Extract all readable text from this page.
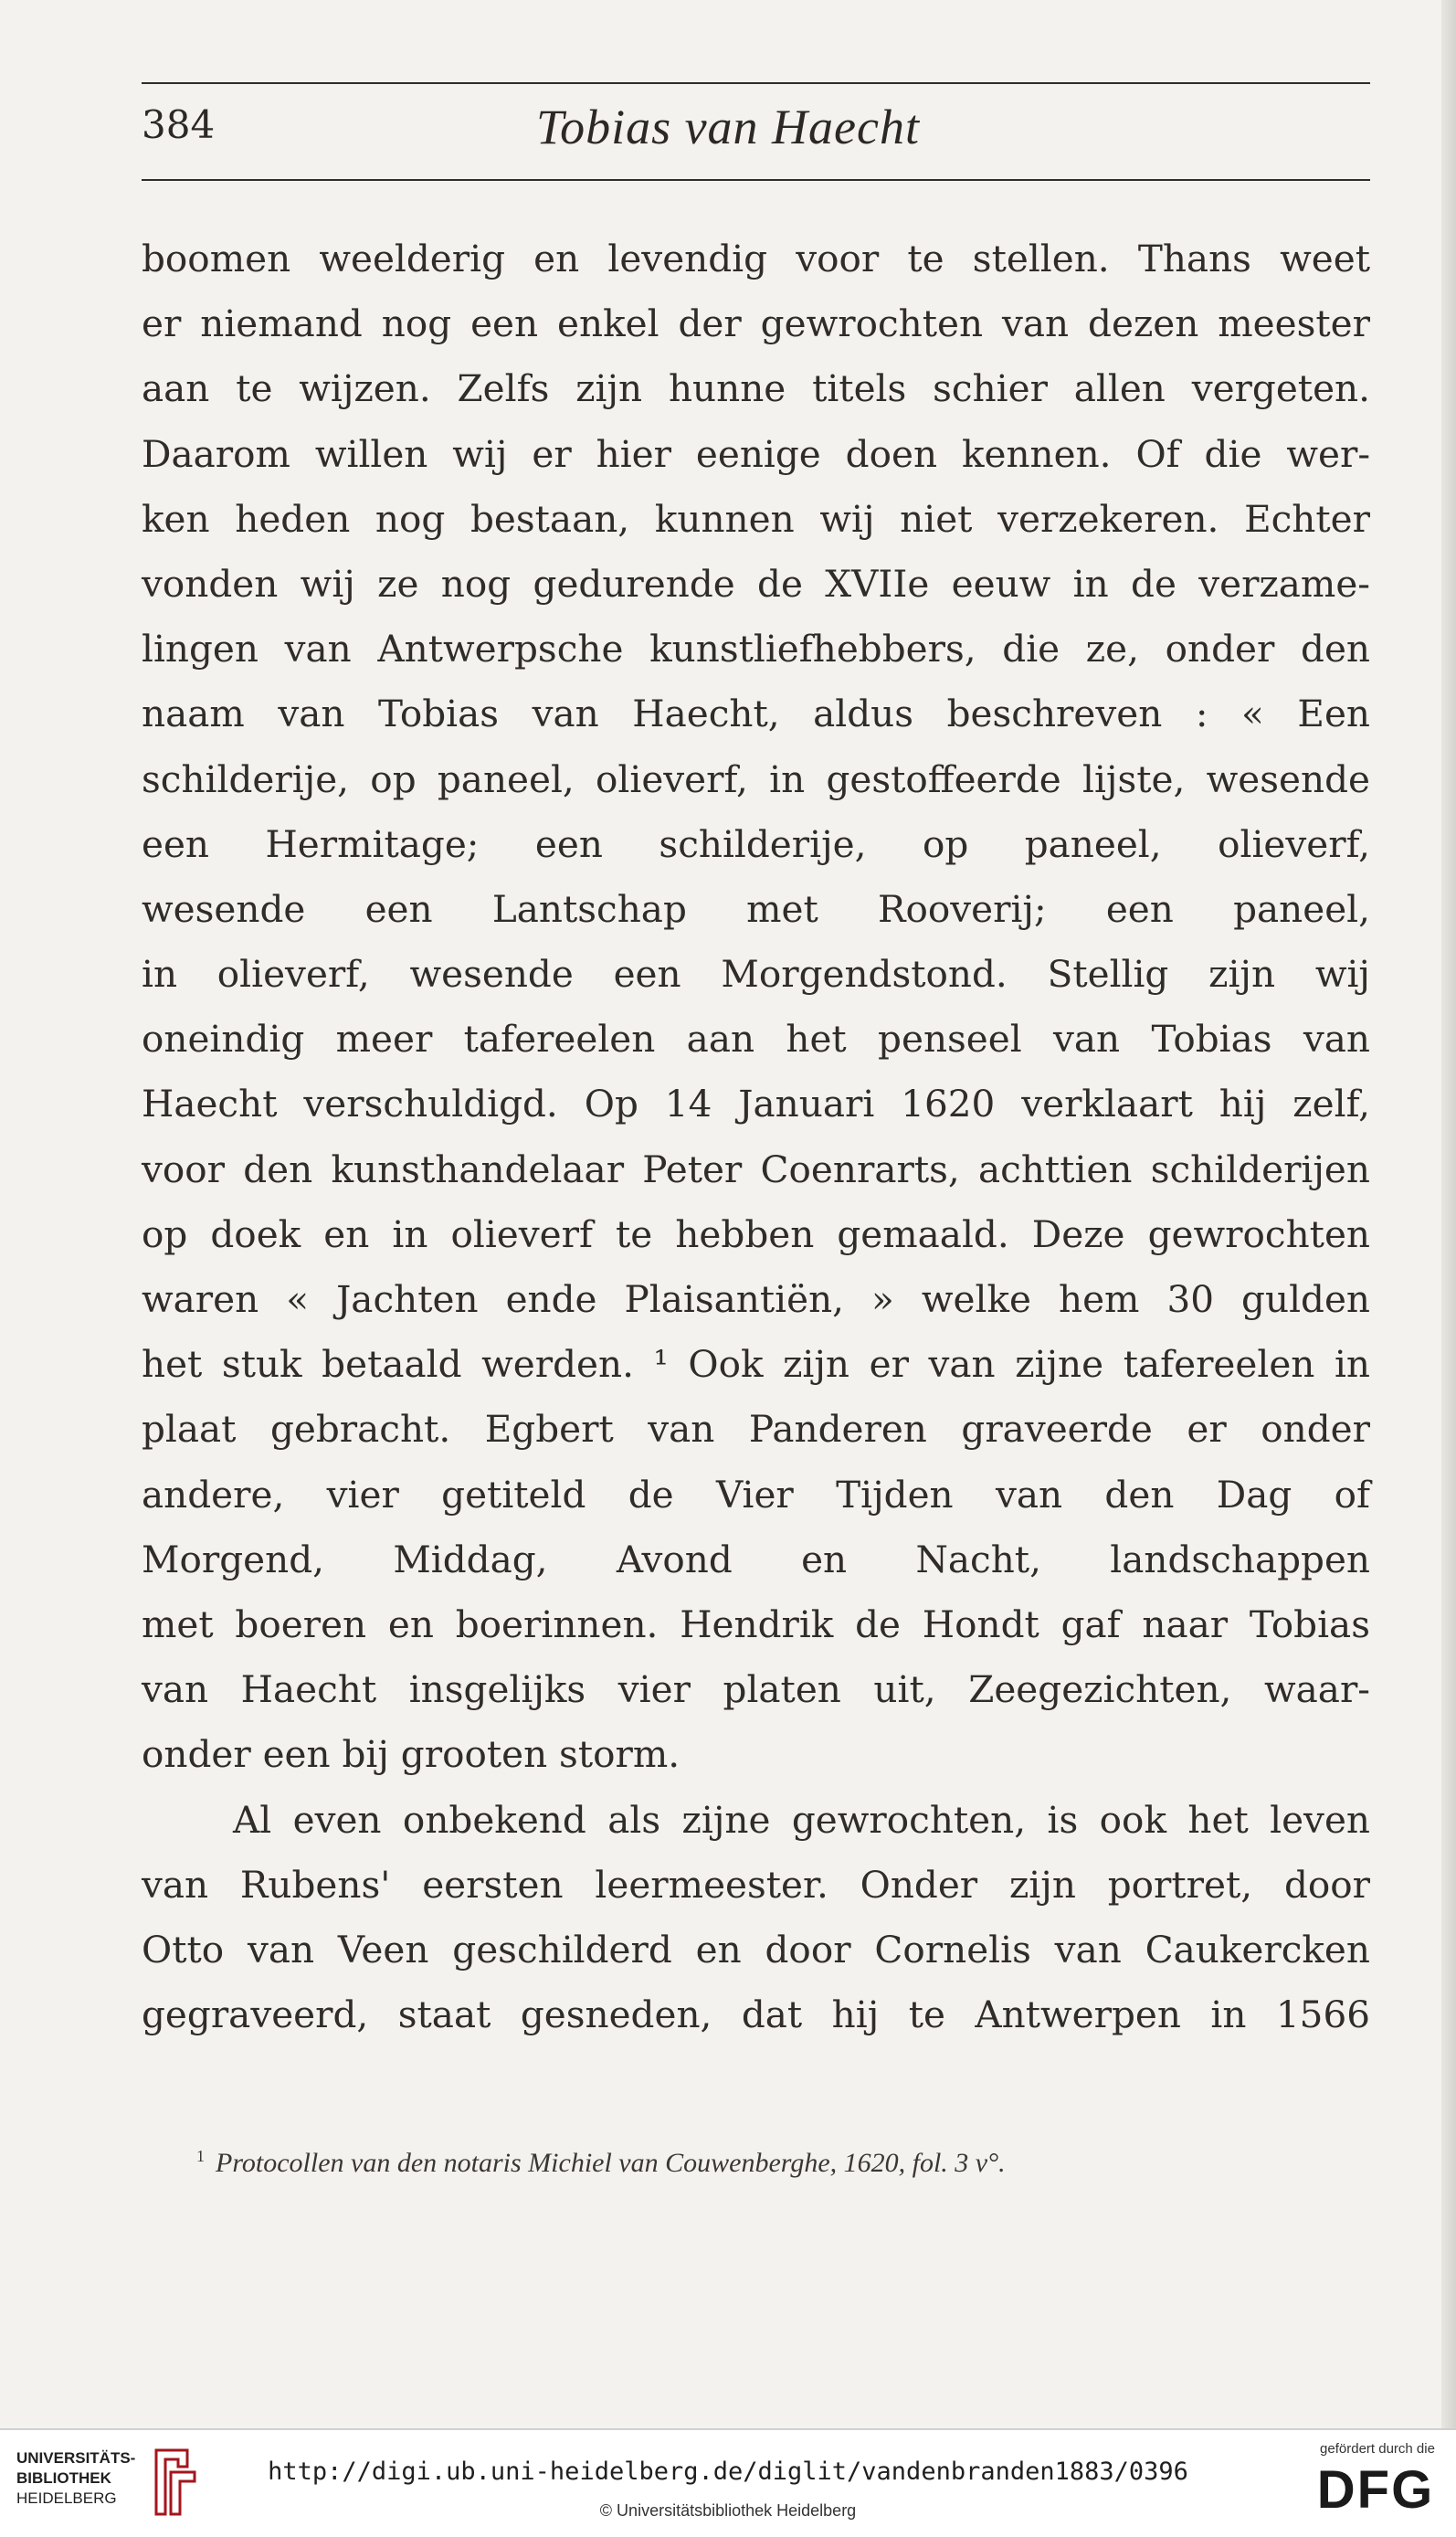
384	Tobias van Haecht
boomen weelderig en levendig voor te stellen. Thans weet
er niemand nog een enkel der gewrochten van dezen meester
aan te wijzen. Zelfs zijn hunne titels schier allen vergeten.
Daarom willen wij er hier eenige doen kennen. Of die wer-
ken heden nog bestaan, kunnen wij niet verzekeren. Echter
vonden wij ze nog gedurende de XVIIe eeuw in de verzame-
lingen van Antwerpsche kunstliefhebbers, die ze, onder den
naam van Tobias van Haecht, aldus beschreven : « Een
schilderije, op paneel, olieverf, in gestoffeerde lijste, wesende
een Hermitage; een schilderije, op paneel, olieverf,
wesende een Lantschap met Rooverij; een paneel,
in olieverf, wesende een Morgendstond. Stellig zijn wij
oneindig meer tafereelen aan het penseel van Tobias van
Haecht verschuldigd. Op 14 Januari 1620 verklaart hij zelf,
voor den kunsthandelaar Peter Coenrarts, achttien schilderijen
op doek en in olieverf te hebben gemaald. Deze gewrochten
waren « Jachten ende Plaisantiën, » welke hem 30 gulden
het stuk betaald werden. ¹ Ook zijn er van zijne tafereelen in
plaat gebracht. Egbert van Panderen graveerde er onder
andere, vier getiteld de Vier Tijden van den Dag of
Morgend, Middag, Avond en Nacht, landschappen
met boeren en boerinnen. Hendrik de Hondt gaf naar Tobias
van Haecht insgelijks vier platen uit, Zeegezichten, waar-
onder een bij grooten storm.
Al even onbekend als zijne gewrochten, is ook het leven
van Rubens' eersten leermeester. Onder zijn portret, door
Otto van Veen geschilderd en door Cornelis van Caukercken
gegraveerd, staat gesneden, dat hij te Antwerpen in 1566
$^1$ Protocollen van den notaris Michiel van Couwenberghe, 1620, fol. 3 v°.
UNIVERSITÄTS-
BIBLIOTHEK
HEIDELBERG
http://digi.ub.uni-heidelberg.de/diglit/vandenbranden1883/0396
© Universitätsbibliothek Heidelberg
gefördert durch die
DFG
